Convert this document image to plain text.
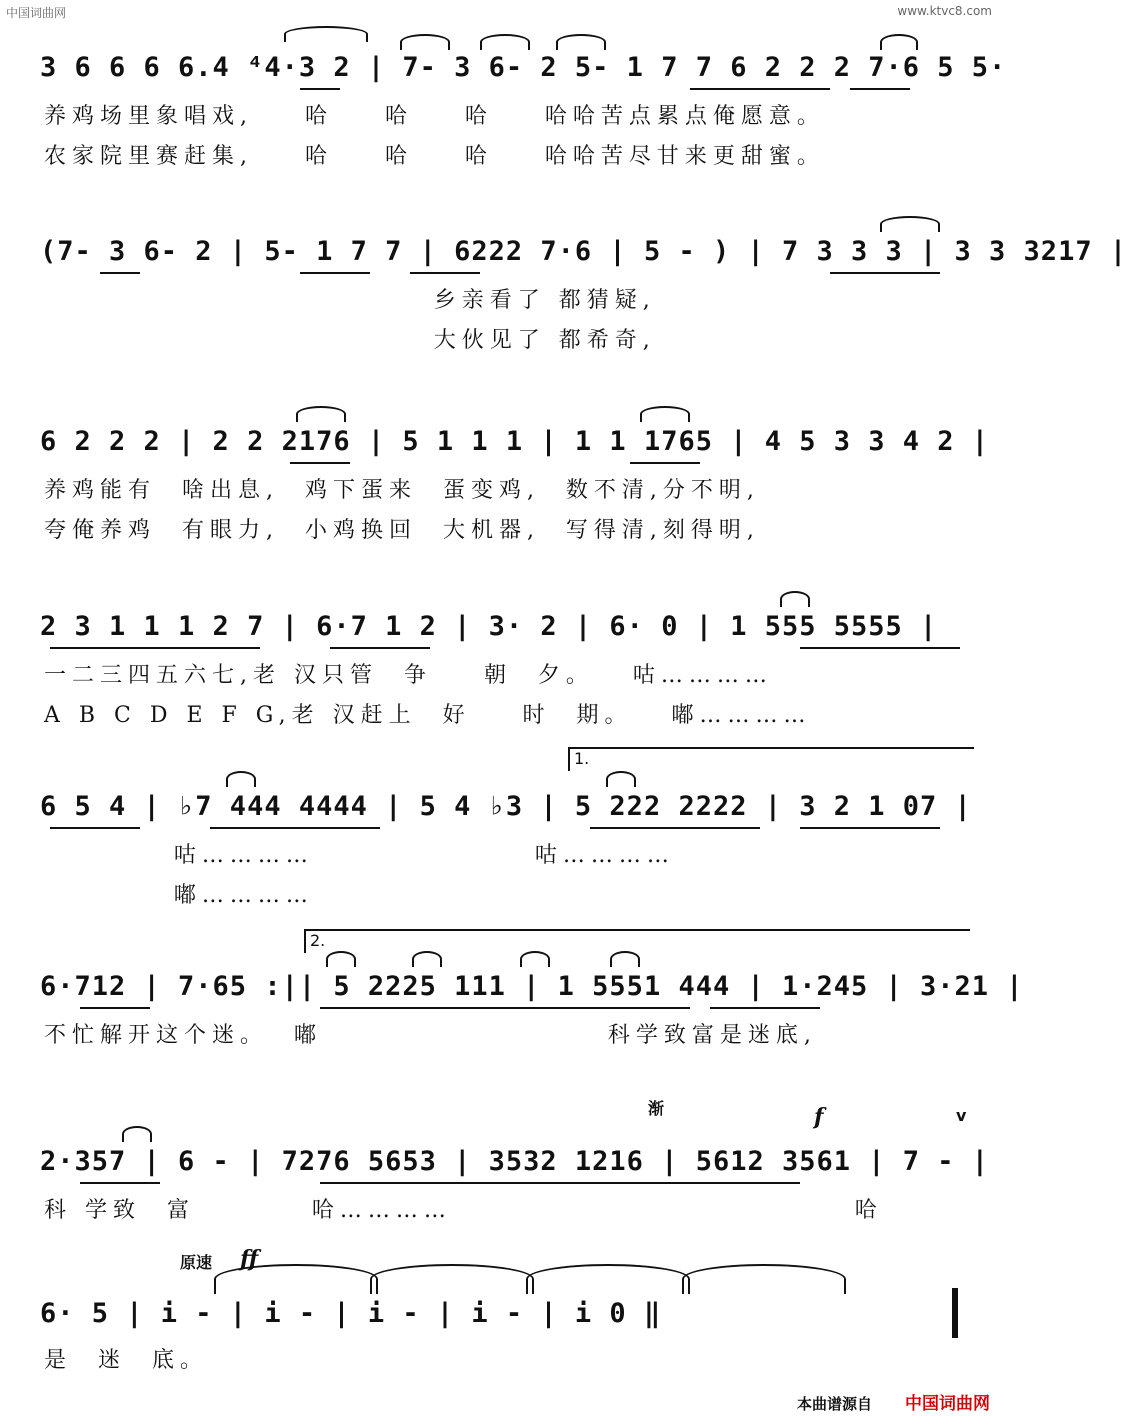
中国词曲网	www.ktvc8.com
3 6 6 6 6.4 ⁴4·3 2 | 7- 3 6- 2 5- 1 7 7 6 2 2 2 7·6 5 5·
养鸡场里象唱戏,    哈    哈    哈    哈哈苦点累点俺愿意。
农家院里赛赶集,    哈    哈    哈    哈哈苦尽甘来更甜蜜。
(7- 3 6- 2 | 5- 1 7 7 | 6222 7·6 | 5 - ) | 7 3 3 3 | 3 3 3217 |
乡亲看了 都猜疑,
大伙见了 都希奇,
6 2 2 2 | 2 2 2176 | 5 1 1 1 | 1 1 1765 | 4 5 3 3 4 2 |
养鸡能有  啥出息,  鸡下蛋来  蛋变鸡,  数不清,分不明,
夸俺养鸡  有眼力,  小鸡换回  大机器,  写得清,刻得明,
2 3 1 1 1 2 7 | 6·7 1 2 | 3· 2 | 6· 0 | 1 555 5555 |
一二三四五六七,老 汉只管  争    朝  夕。   咕…………
A B C D E F G,老 汉赶上  好    时  期。   嘟…………
1.
6 5 4 | ♭7 444 4444 | 5 4 ♭3 | 5 222 2222 | 3 2 1 07 |
咕…………                 咕…………
嘟…………
2.
6·712 | 7·65 :|| 5 2225 111 | 1 5551 444 | 1·245 | 3·21 |
不忙解开这个迷。  嘟                      科学致富是迷底,
渐	f	v
2·357 | 6 - | 7276 5653 | 3532 1216 | 5612 3561 | 7 - |
科 学致  富         哈…………                               哈
原速 ff
6· 5 | i - | i - | i - | i - | i 0 ‖
是  迷  底。
本曲谱源自 中国词曲网
